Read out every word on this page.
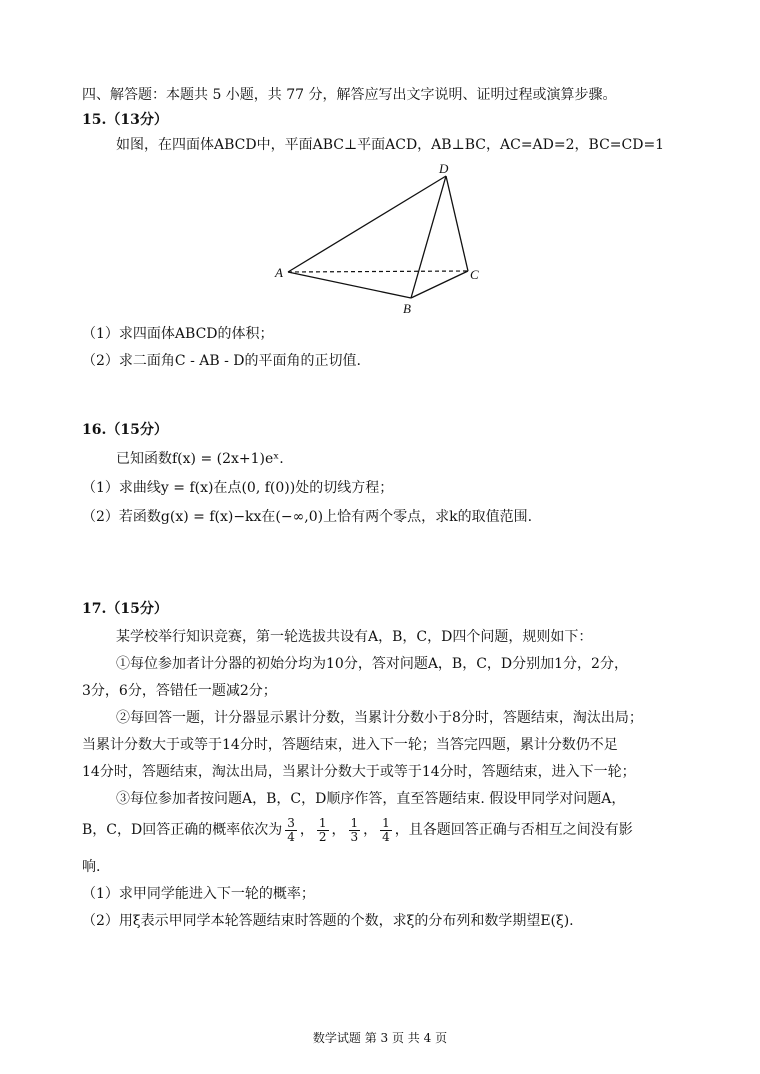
四、解答题：本题共 5 小题，共 77 分，解答应写出文字说明、证明过程或演算步骤。
15.（13分）
如图，在四面体ABCD中，平面ABC⊥平面ACD，AB⊥BC，AC=AD=2，BC=CD=1
D
A	C
B
（1）求四面体ABCD的体积；
（2）求二面角C - AB - D的平面角的正切值.
16.（15分）
已知函数f(x) = (2x+1)eˣ.
（1）求曲线y = f(x)在点(0, f(0))处的切线方程；
（2）若函数g(x) = f(x)−kx在(−∞,0)上恰有两个零点，求k的取值范围.
17.（15分）
某学校举行知识竞赛，第一轮选拔共设有A，B，C，D四个问题，规则如下：
①每位参加者计分器的初始分均为10分，答对问题A，B，C，D分别加1分，2分，
3分，6分，答错任一题减2分；
②每回答一题，计分器显示累计分数，当累计分数小于8分时，答题结束，淘汰出局；
当累计分数大于或等于14分时，答题结束，进入下一轮；当答完四题，累计分数仍不足
14分时，答题结束，淘汰出局，当累计分数大于或等于14分时，答题结束，进入下一轮；
③每位参加者按问题A，B，C，D顺序作答，直至答题结束. 假设甲同学对问题A，
B，C，D回答正确的概率依次为 $\frac{3}{4}$ ， $\frac{1}{2}$ ， $\frac{1}{3}$ ， $\frac{1}{4}$ ，且各题回答正确与否相互之间没有影
响.
（1）求甲同学能进入下一轮的概率；
（2）用ξ表示甲同学本轮答题结束时答题的个数，求ξ的分布列和数学期望E(ξ).
数学试题 第 3 页 共 4 页
